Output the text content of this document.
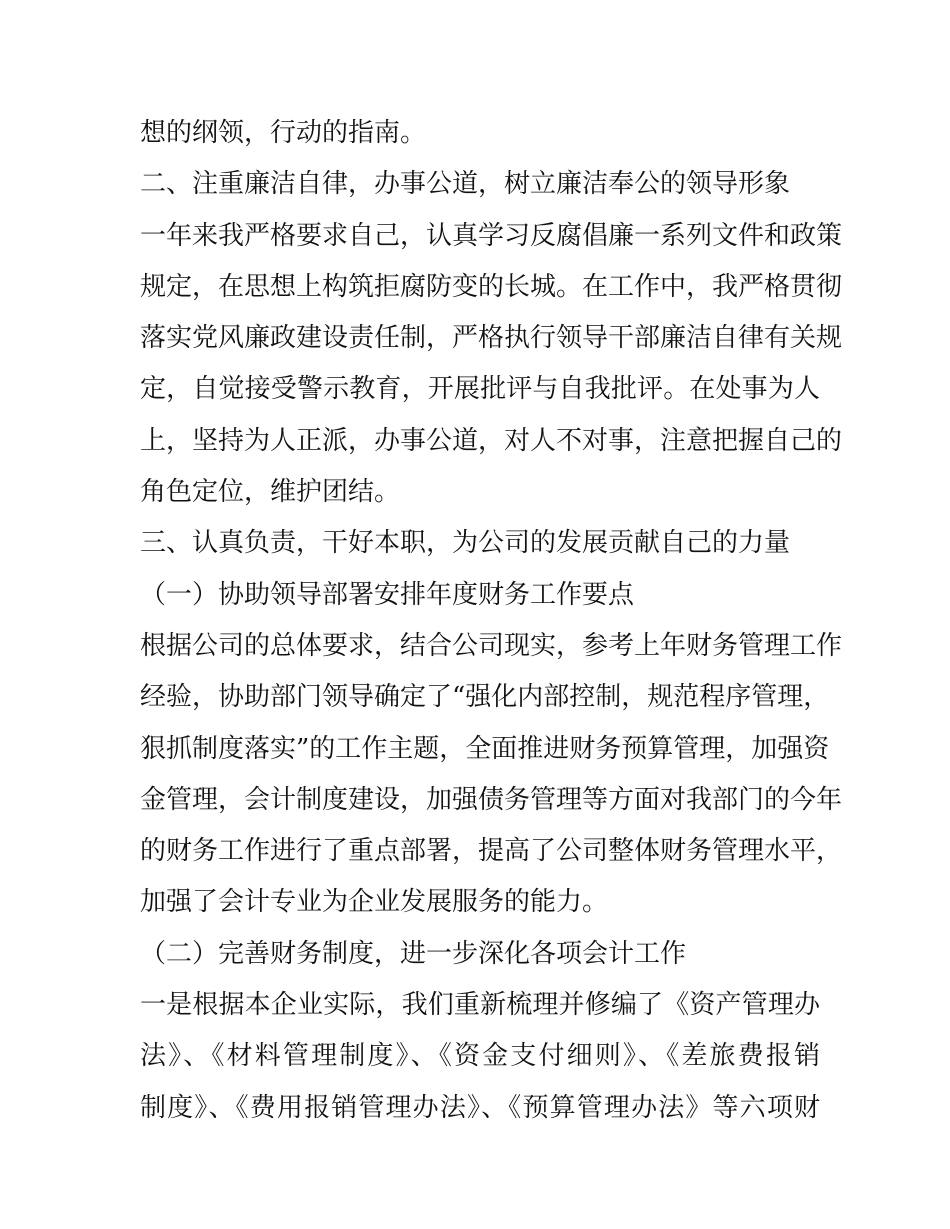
想的纲领，行动的指南。
二、注重廉洁自律，办事公道，树立廉洁奉公的领导形象
一年来我严格要求自己，认真学习反腐倡廉一系列文件和政策
规定，在思想上构筑拒腐防变的长城。在工作中，我严格贯彻
落实党风廉政建设责任制，严格执行领导干部廉洁自律有关规
定，自觉接受警示教育，开展批评与自我批评。在处事为人
上，坚持为人正派，办事公道，对人不对事，注意把握自己的
角色定位，维护团结。
三、认真负责，干好本职，为公司的发展贡献自己的力量
（一）协助领导部署安排年度财务工作要点
根据公司的总体要求，结合公司现实，参考上年财务管理工作
经验，协助部门领导确定了“强化内部控制，规范程序管理，
狠抓制度落实”的工作主题，全面推进财务预算管理，加强资
金管理，会计制度建设，加强债务管理等方面对我部门的今年
的财务工作进行了重点部署，提高了公司整体财务管理水平，
加强了会计专业为企业发展服务的能力。
（二）完善财务制度，进一步深化各项会计工作
一是根据本企业实际，我们重新梳理并修编了《资产管理办
法》、《材料管理制度》、《资金支付细则》、《差旅费报销
制度》、《费用报销管理办法》、《预算管理办法》等六项财
